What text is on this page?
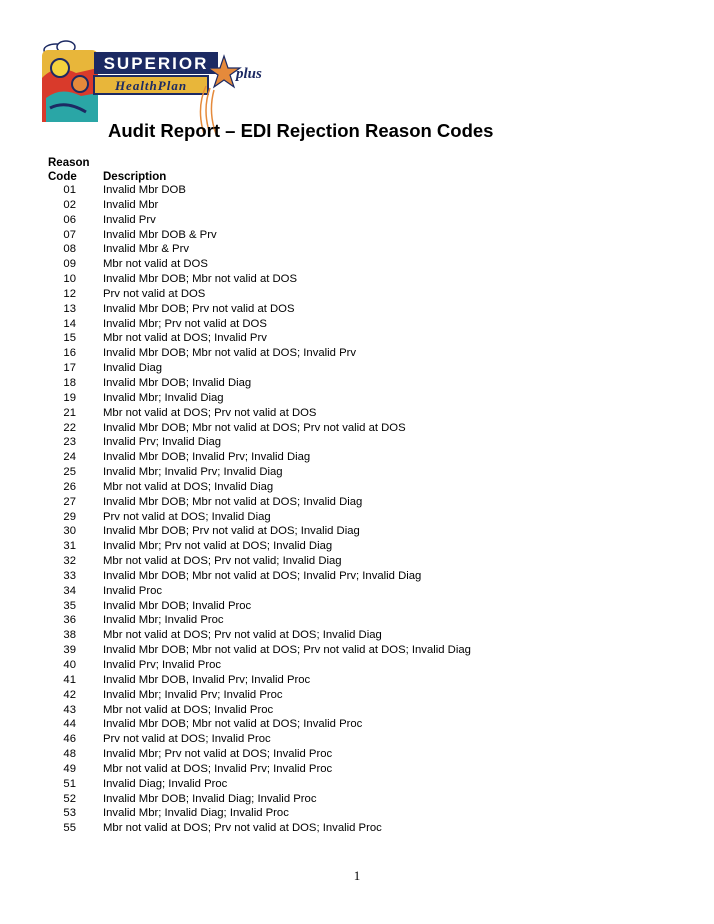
SUPERIOR
HealthPlan
plus
Audit Report – EDI Rejection Reason Codes
Reason
Code Description
01 Invalid Mbr DOB
02 Invalid Mbr
06 Invalid Prv
07 Invalid Mbr DOB & Prv
08 Invalid Mbr & Prv
09 Mbr not valid at DOS
10 Invalid Mbr DOB; Mbr not valid at DOS
12 Prv not valid at DOS
13 Invalid Mbr DOB; Prv not valid at DOS
14 Invalid Mbr; Prv not valid at DOS
15 Mbr not valid at DOS; Invalid Prv
16 Invalid Mbr DOB; Mbr not valid at DOS; Invalid Prv
17 Invalid Diag
18 Invalid Mbr DOB; Invalid Diag
19 Invalid Mbr; Invalid Diag
21 Mbr not valid at DOS; Prv not valid at DOS
22 Invalid Mbr DOB; Mbr not valid at DOS; Prv not valid at DOS
23 Invalid Prv; Invalid Diag
24 Invalid Mbr DOB; Invalid Prv; Invalid Diag
25 Invalid Mbr; Invalid Prv; Invalid Diag
26 Mbr not valid at DOS; Invalid Diag
27 Invalid Mbr DOB; Mbr not valid at DOS; Invalid Diag
29 Prv not valid at DOS; Invalid Diag
30 Invalid Mbr DOB; Prv not valid at DOS; Invalid Diag
31 Invalid Mbr; Prv not valid at DOS; Invalid Diag
32 Mbr not valid at DOS; Prv not valid; Invalid Diag
33 Invalid Mbr DOB; Mbr not valid at DOS; Invalid Prv; Invalid Diag
34 Invalid Proc
35 Invalid Mbr DOB; Invalid Proc
36 Invalid Mbr; Invalid Proc
38 Mbr not valid at DOS; Prv not valid at DOS; Invalid Diag
39 Invalid Mbr DOB; Mbr not valid at DOS; Prv not valid at DOS; Invalid Diag
40 Invalid Prv; Invalid Proc
41 Invalid Mbr DOB, Invalid Prv; Invalid Proc
42 Invalid Mbr; Invalid Prv; Invalid Proc
43 Mbr not valid at DOS; Invalid Proc
44 Invalid Mbr DOB; Mbr not valid at DOS; Invalid Proc
46 Prv not valid at DOS; Invalid Proc
48 Invalid Mbr; Prv not valid at DOS; Invalid Proc
49 Mbr not valid at DOS; Invalid Prv; Invalid Proc
51 Invalid Diag; Invalid Proc
52 Invalid Mbr DOB; Invalid Diag; Invalid Proc
53 Invalid Mbr; Invalid Diag; Invalid Proc
55 Mbr not valid at DOS; Prv not valid at DOS; Invalid Proc
1
